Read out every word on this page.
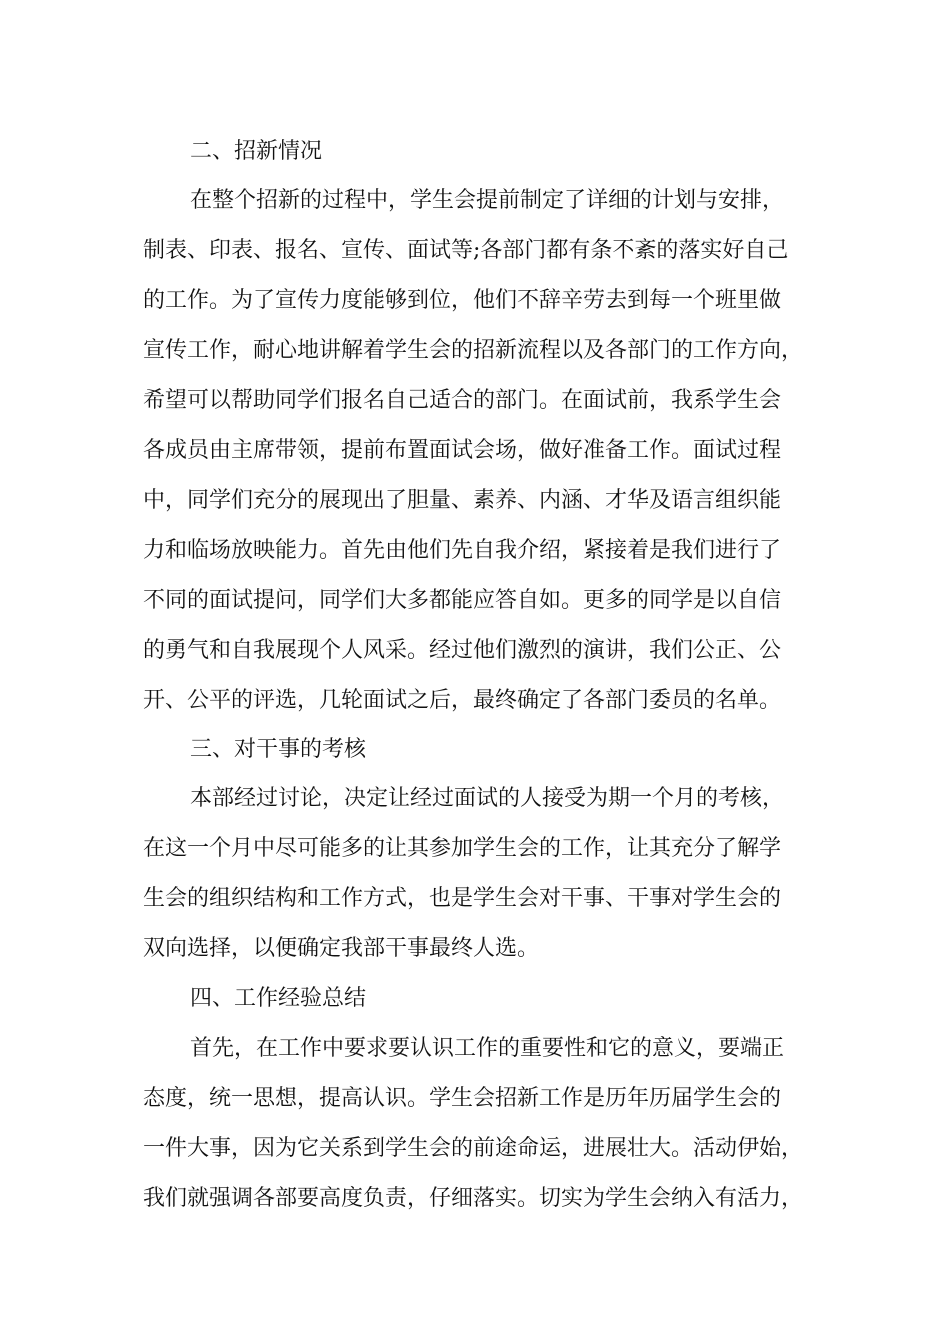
二、招新情况

在整个招新的过程中，学生会提前制定了详细的计划与安排，

制表、印表、报名、宣传、面试等;各部门都有条不紊的落实好自己

的工作。为了宣传力度能够到位，他们不辞辛劳去到每一个班里做

宣传工作，耐心地讲解着学生会的招新流程以及各部门的工作方向，

希望可以帮助同学们报名自己适合的部门。在面试前，我系学生会

各成员由主席带领，提前布置面试会场，做好准备工作。面试过程

中，同学们充分的展现出了胆量、素养、内涵、才华及语言组织能

力和临场放映能力。首先由他们先自我介绍，紧接着是我们进行了

不同的面试提问，同学们大多都能应答自如。更多的同学是以自信

的勇气和自我展现个人风采。经过他们激烈的演讲，我们公正、公

开、公平的评选，几轮面试之后，最终确定了各部门委员的名单。

三、对干事的考核

本部经过讨论，决定让经过面试的人接受为期一个月的考核，

在这一个月中尽可能多的让其参加学生会的工作，让其充分了解学

生会的组织结构和工作方式，也是学生会对干事、干事对学生会的

双向选择，以便确定我部干事最终人选。

四、工作经验总结

首先，在工作中要求要认识工作的重要性和它的意义，要端正

态度，统一思想，提高认识。学生会招新工作是历年历届学生会的

一件大事，因为它关系到学生会的前途命运，进展壮大。活动伊始，

我们就强调各部要高度负责，仔细落实。切实为学生会纳入有活力，
